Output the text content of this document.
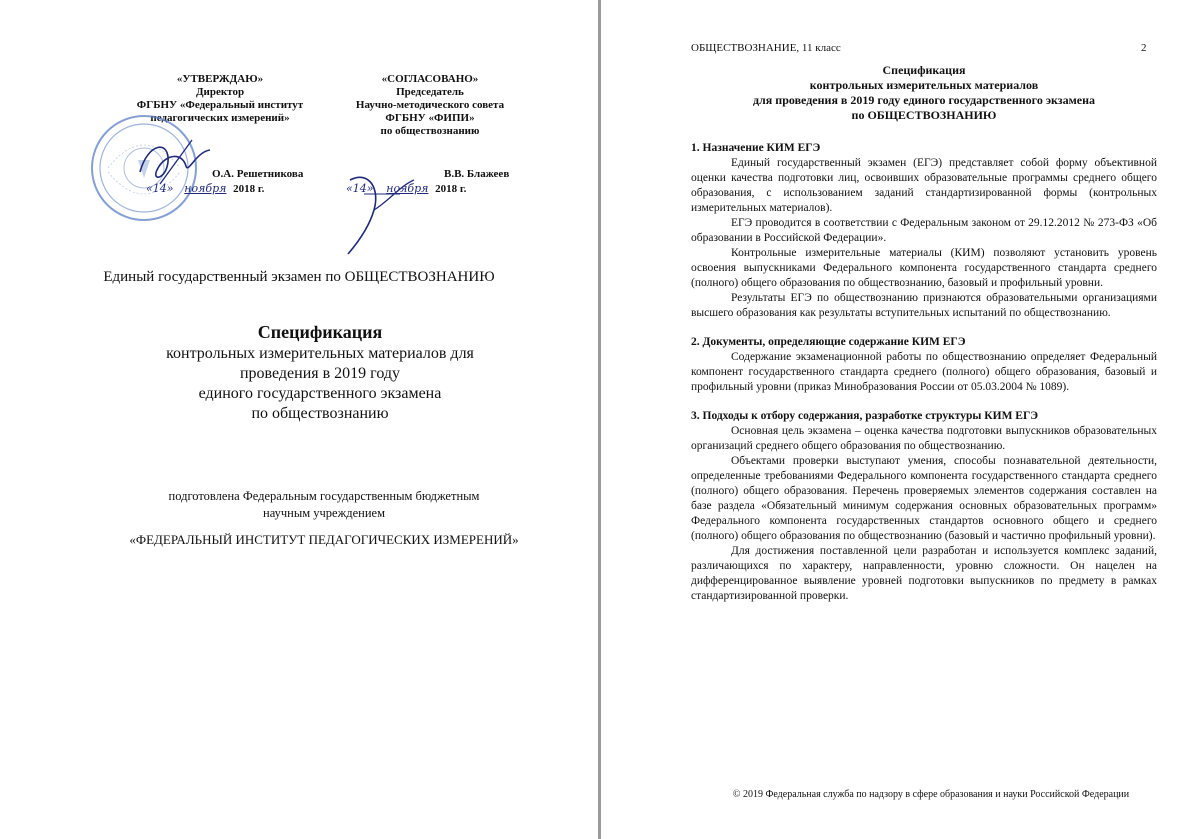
«УТВЕРЖДАЮ»
Директор
ФГБНУ «Федеральный институт
педагогических измерений»
О.А. Решетникова
«14» ноября 2018 г.
«СОГЛАСОВАНО»
Председатель
Научно-методического совета
ФГБНУ «ФИПИ»
по обществознанию
В.В. Блажеев
«14» ноября 2018 г.
Единый государственный экзамен по ОБЩЕСТВОЗНАНИЮ
Спецификация
контрольных измерительных материалов для
проведения в 2019 году
единого государственного экзамена
по обществознанию
подготовлена Федеральным государственным бюджетным
научным учреждением
«ФЕДЕРАЛЬНЫЙ ИНСТИТУТ ПЕДАГОГИЧЕСКИХ ИЗМЕРЕНИЙ»
ОБЩЕСТВОЗНАНИЕ, 11 класс	2
Спецификация
контрольных измерительных материалов
для проведения в 2019 году единого государственного экзамена
по ОБЩЕСТВОЗНАНИЮ
1. Назначение КИМ ЕГЭ

Единый государственный экзамен (ЕГЭ) представляет собой форму объективной оценки качества подготовки лиц, освоивших образовательные программы среднего общего образования, с использованием заданий стандартизированной формы (контрольных измерительных материалов).

ЕГЭ проводится в соответствии с Федеральным законом от 29.12.2012 № 273-ФЗ «Об образовании в Российской Федерации».

Контрольные измерительные материалы (КИМ) позволяют установить уровень освоения выпускниками Федерального компонента государственного стандарта среднего (полного) общего образования по обществознанию, базовый и профильный уровни.

Результаты ЕГЭ по обществознанию признаются образовательными организациями высшего образования как результаты вступительных испытаний по обществознанию.

2. Документы, определяющие содержание КИМ ЕГЭ

Содержание экзаменационной работы по обществознанию определяет Федеральный компонент государственного стандарта среднего (полного) общего образования, базовый и профильный уровни (приказ Минобразования России от 05.03.2004 № 1089).

3. Подходы к отбору содержания, разработке структуры КИМ ЕГЭ

Основная цель экзамена – оценка качества подготовки выпускников образовательных организаций среднего общего образования по обществознанию.

Объектами проверки выступают умения, способы познавательной деятельности, определенные требованиями Федерального компонента государственного стандарта среднего (полного) общего образования. Перечень проверяемых элементов содержания составлен на базе раздела «Обязательный минимум содержания основных образовательных программ» Федерального компонента государственных стандартов основного общего и среднего (полного) общего образования по обществознанию (базовый и частично профильный уровни).

Для достижения поставленной цели разработан и используется комплекс заданий, различающихся по характеру, направленности, уровню сложности. Он нацелен на дифференцированное выявление уровней подготовки выпускников по предмету в рамках стандартизированной проверки.

© 2019 Федеральная служба по надзору в сфере образования и науки Российской Федерации
